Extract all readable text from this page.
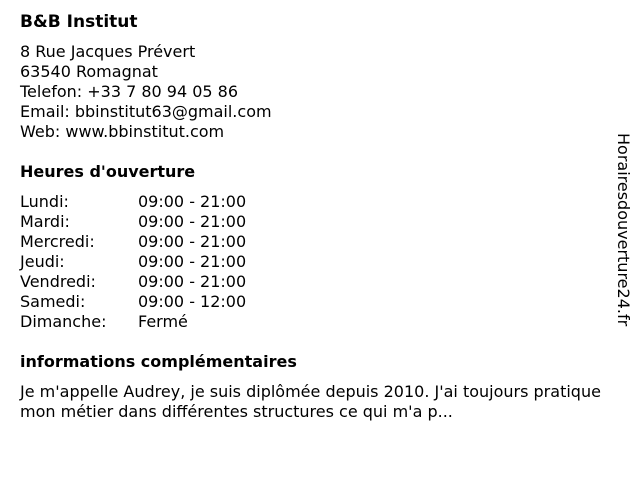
B&B Institut
8 Rue Jacques Prévert
63540 Romagnat
Telefon: +33 7 80 94 05 86
Email: bbinstitut63@gmail.com
Web: www.bbinstitut.com
Heures d'ouverture
Lundi:	09:00 - 21:00
Mardi:	09:00 - 21:00
Mercredi:	09:00 - 21:00
Jeudi:	09:00 - 21:00
Vendredi:	09:00 - 21:00
Samedi:	09:00 - 12:00
Dimanche:	Fermé
informations complémentaires
Je m'appelle Audrey, je suis diplômée depuis 2010. J'ai toujours pratique mon métier dans différentes structures ce qui m'a p...
Horairesdouverture24.fr
